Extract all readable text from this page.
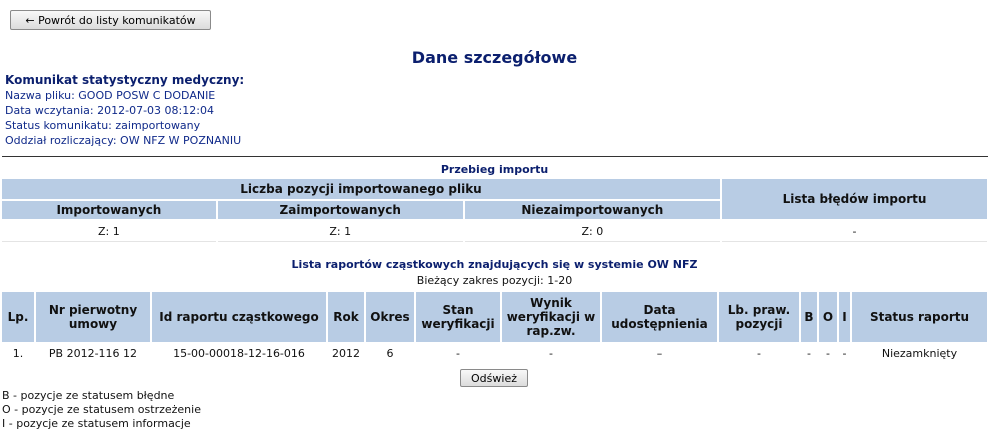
← Powrót do listy komunikatów
Dane szczegółowe
Komunikat statystyczny medyczny:
Nazwa pliku: GOOD POSW C DODANIE
Data wczytania: 2012-07-03 08:12:04
Status komunikatu: zaimportowany
Oddział rozliczający: OW NFZ W POZNANIU
Przebieg importu
Liczba pozycji importowanego pliku			Lista błędów importu
Importowanych	Zaimportowanych	Niezaimportowanych	
Z: 1	Z: 1	Z: 0	-
Lista raportów cząstkowych znajdujących się w systemie OW NFZ
Bieżący zakres pozycji: 1-20
Lp.	Nr pierwotny umowy	Id raportu cząstkowego	Rok	Okres	Stan weryfikacji	Wynik weryfikacji w rap.zw.	Data udostępnienia	Lb. praw. pozycji	B	O	I	Status raportu
1.	PB 2012-116 12	15-00-00018-12-16-016	2012	6	-	-	–	-	-	-	-	Niezamknięty
Odśwież
B - pozycje ze statusem błędne
O - pozycje ze statusem ostrzeżenie
I - pozycje ze statusem informacje
